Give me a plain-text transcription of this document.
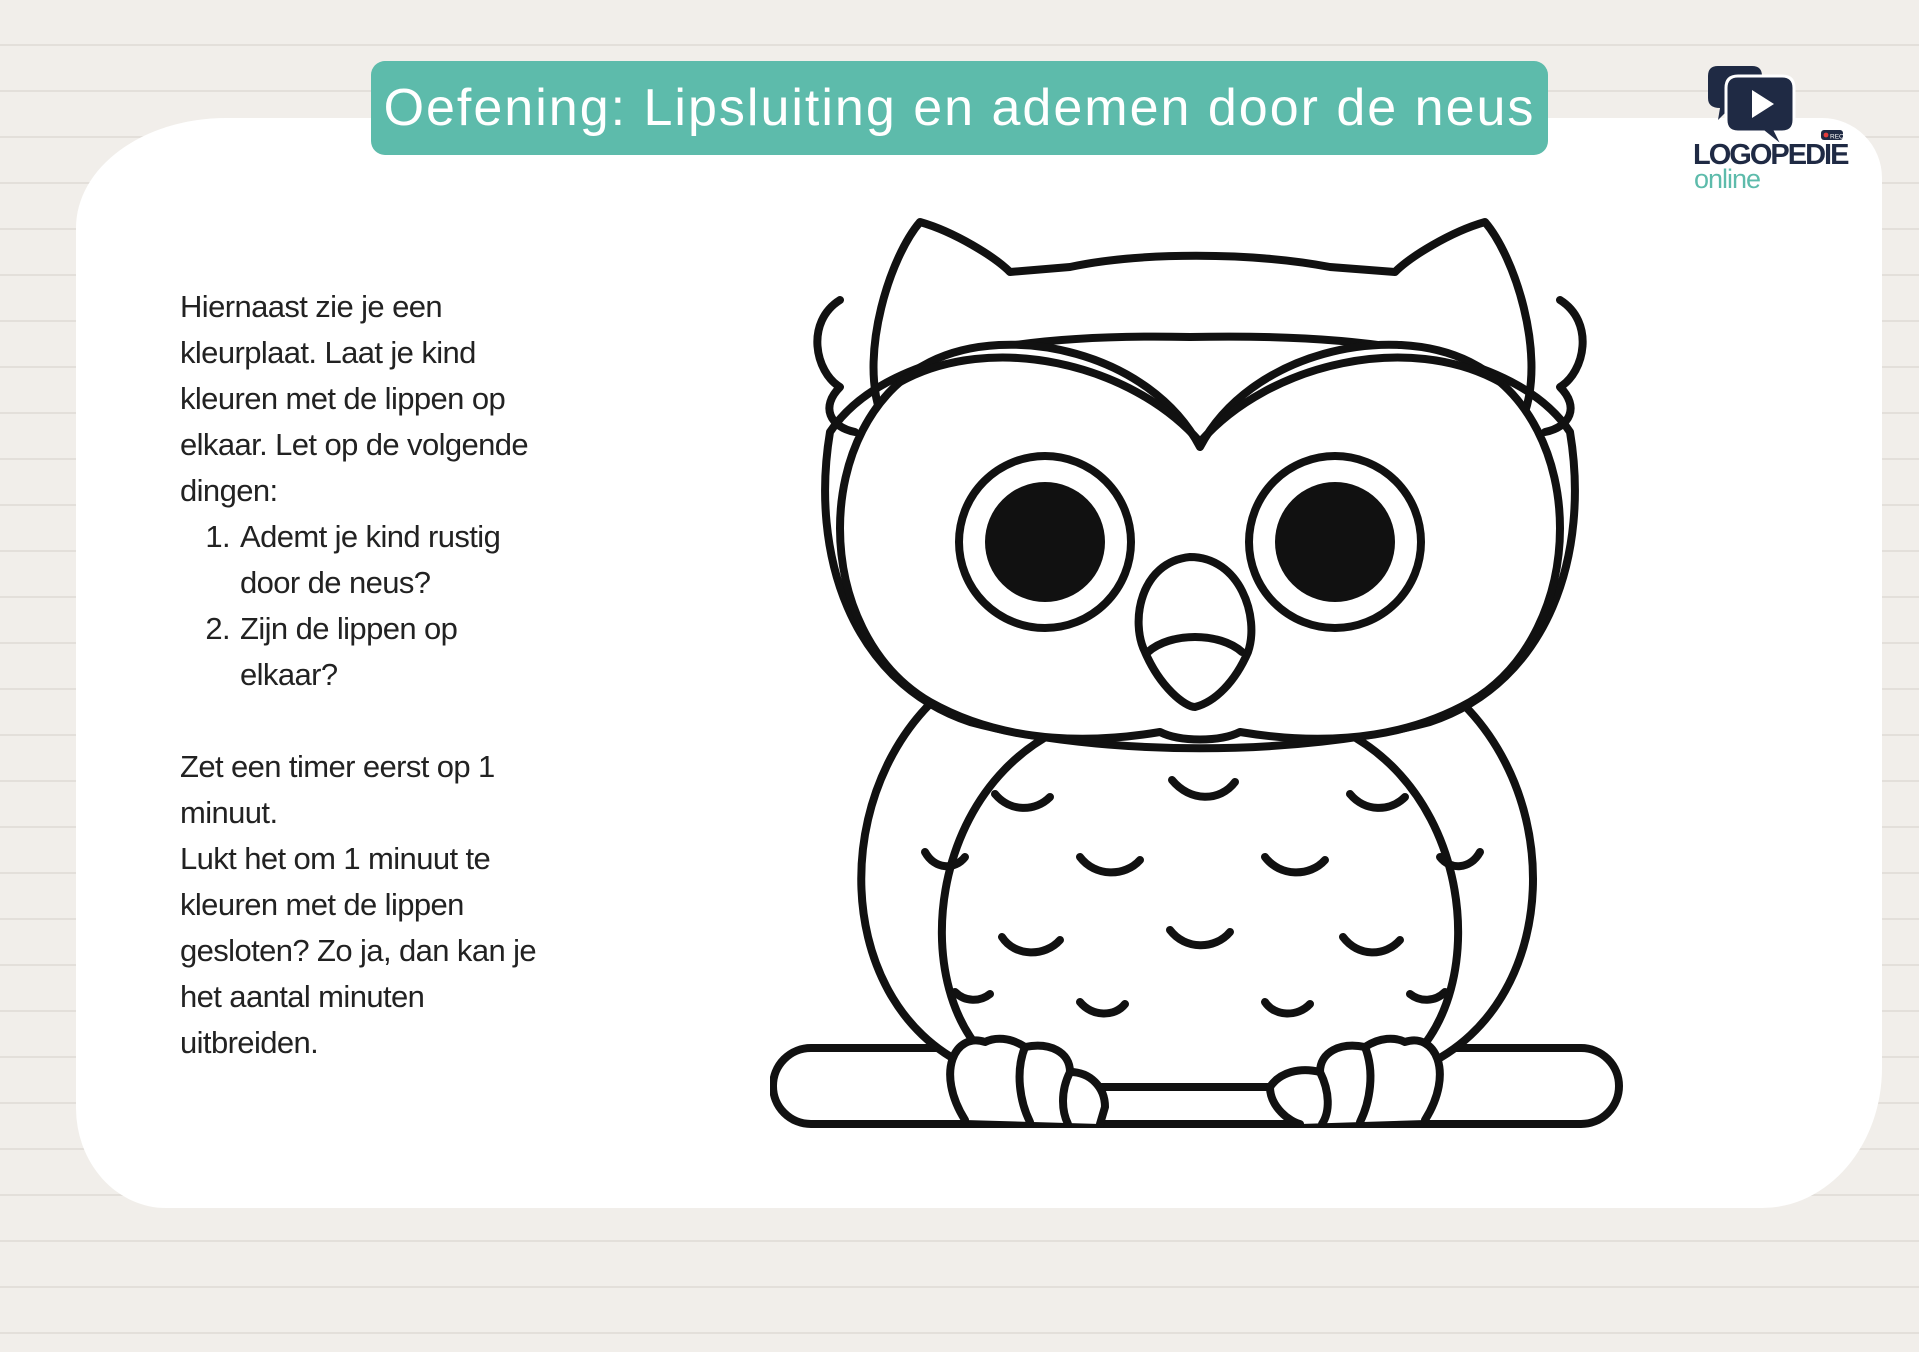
Oefening: Lipsluiting en ademen door de neus	REC
LOGOPEDIE
online

Hiernaast zie je een kleurplaat. Laat je kind kleuren met de lippen op elkaar. Let op de volgende dingen:

1. Ademt je kind rustig door de neus?
2. Zijn de lippen op elkaar?

Zet een timer eerst op 1 minuut.

Lukt het om 1 minuut te kleuren met de lippen gesloten? Zo ja, dan kan je het aantal minuten uitbreiden.
